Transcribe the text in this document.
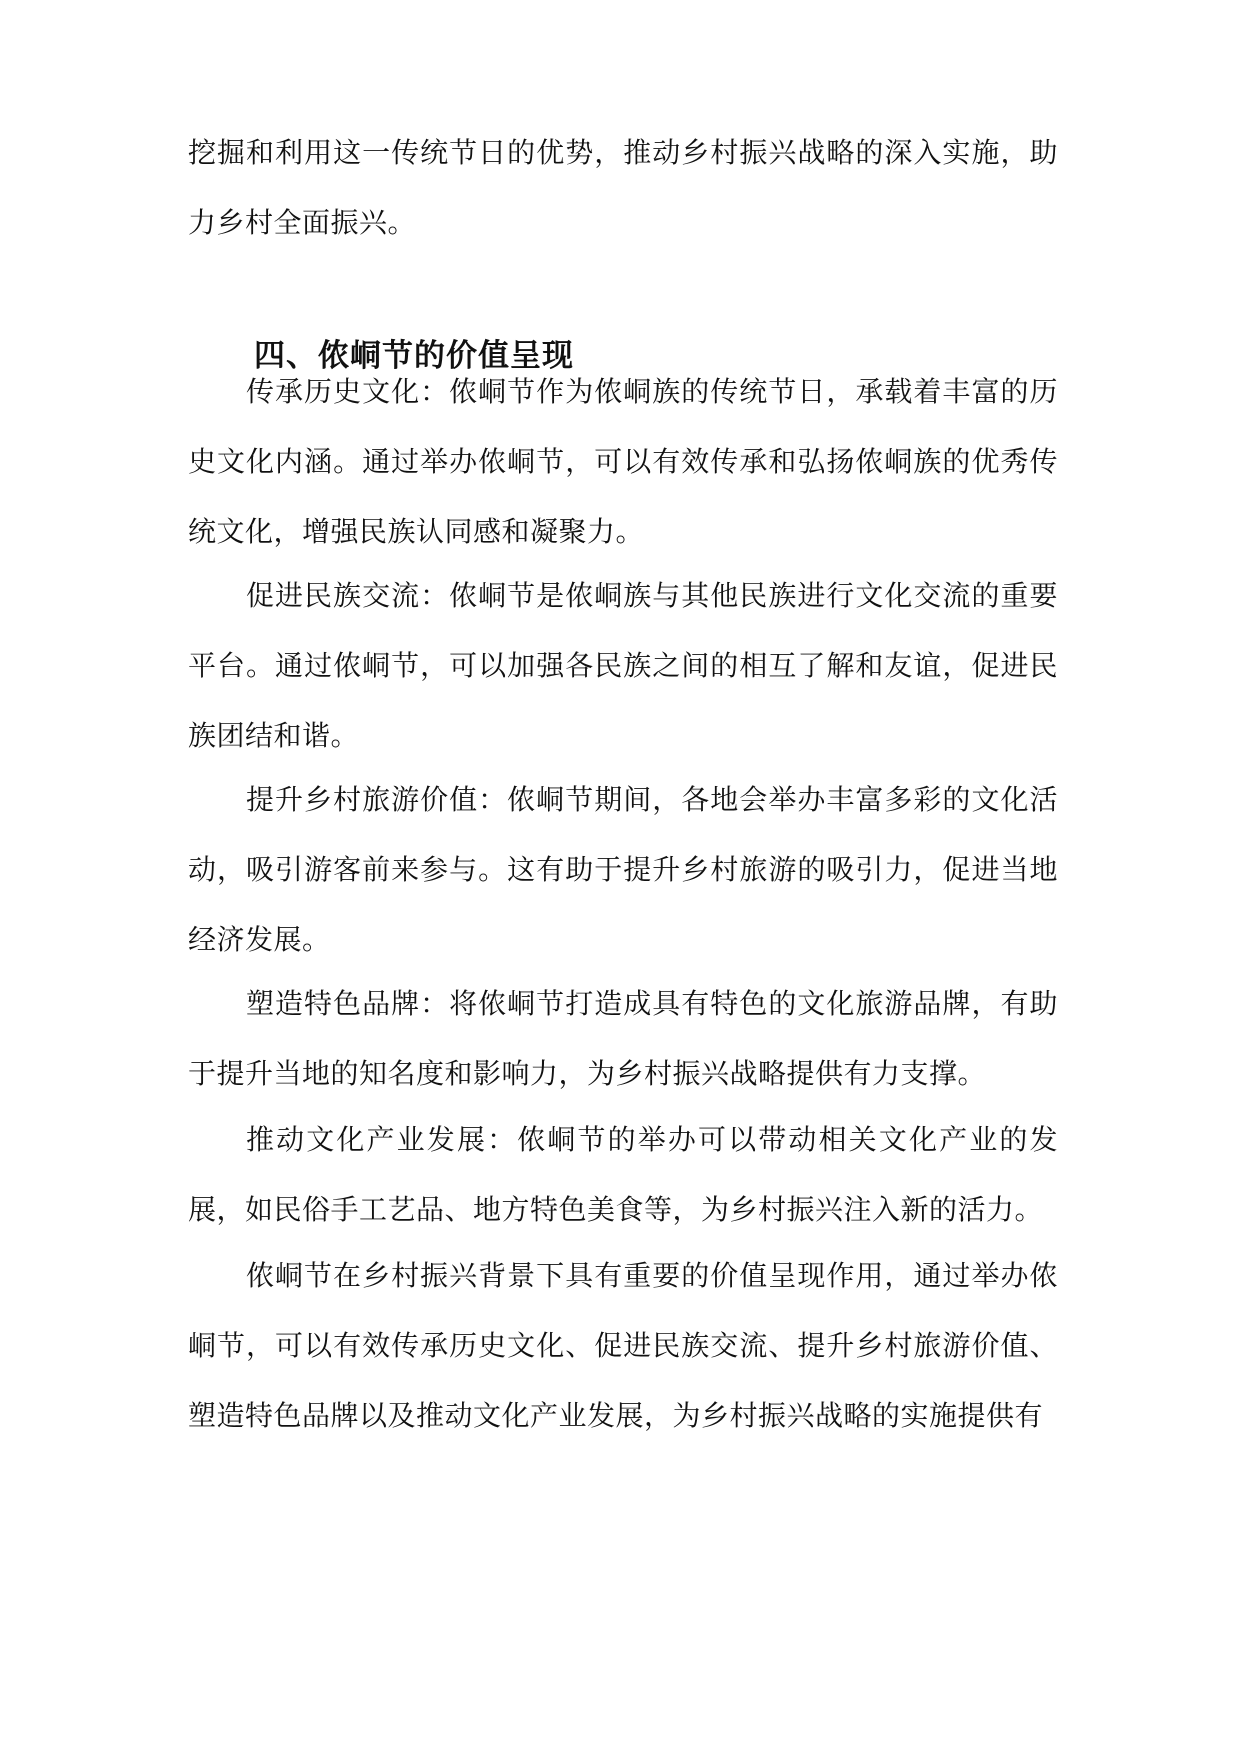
挖掘和利用这一传统节日的优势，推动乡村振兴战略的深入实施，助力乡村全面振兴。

四、侬峒节的价值呈现

传承历史文化：侬峒节作为侬峒族的传统节日，承载着丰富的历史文化内涵。通过举办侬峒节，可以有效传承和弘扬侬峒族的优秀传统文化，增强民族认同感和凝聚力。

促进民族交流：侬峒节是侬峒族与其他民族进行文化交流的重要平台。通过侬峒节，可以加强各民族之间的相互了解和友谊，促进民族团结和谐。

提升乡村旅游价值：侬峒节期间，各地会举办丰富多彩的文化活动，吸引游客前来参与。这有助于提升乡村旅游的吸引力，促进当地经济发展。

塑造特色品牌：将侬峒节打造成具有特色的文化旅游品牌，有助于提升当地的知名度和影响力，为乡村振兴战略提供有力支撑。

推动文化产业发展：侬峒节的举办可以带动相关文化产业的发展，如民俗手工艺品、地方特色美食等，为乡村振兴注入新的活力。

侬峒节在乡村振兴背景下具有重要的价值呈现作用，通过举办侬峒节，可以有效传承历史文化、促进民族交流、提升乡村旅游价值、塑造特色品牌以及推动文化产业发展，为乡村振兴战略的实施提供有
